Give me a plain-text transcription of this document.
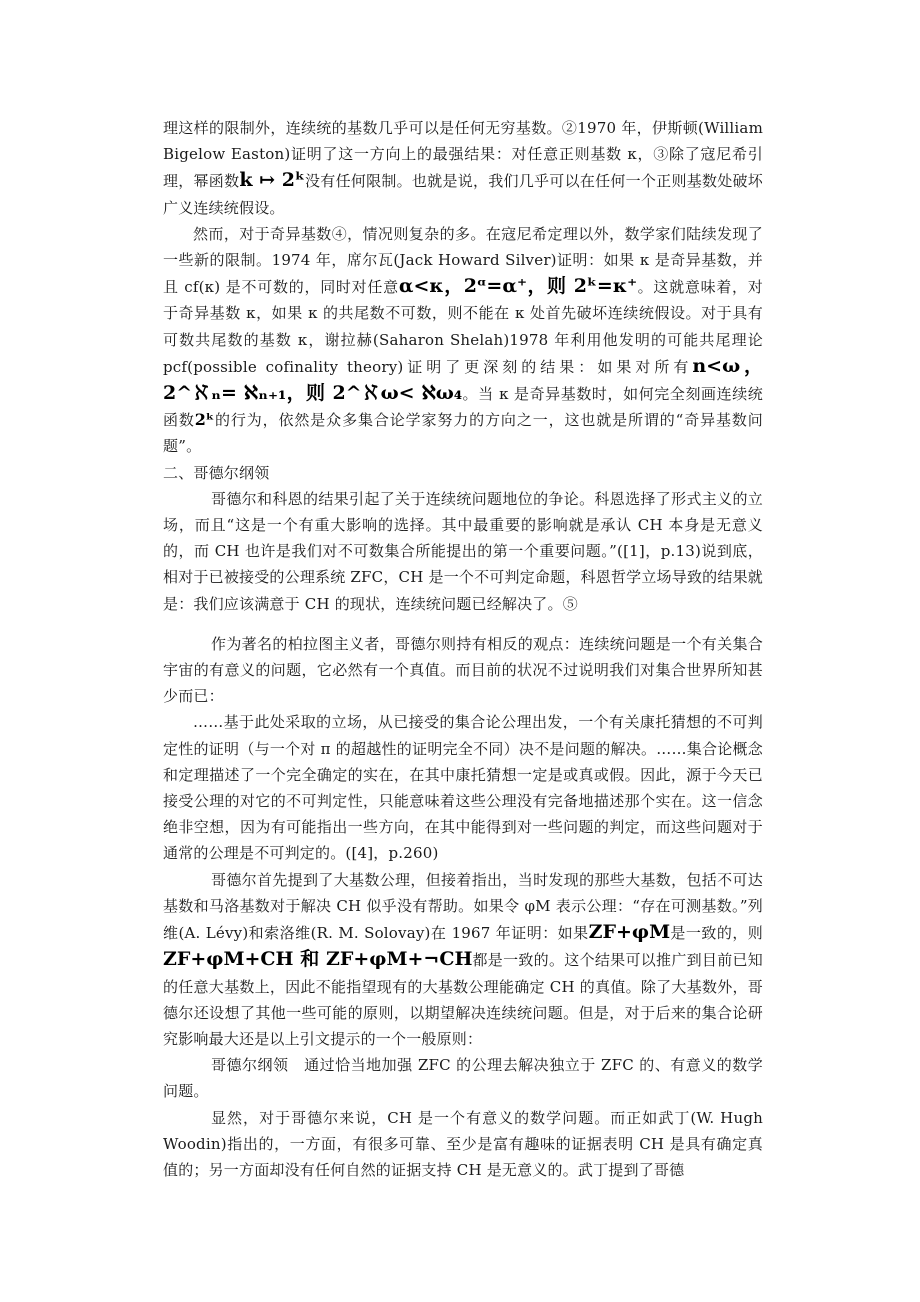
理这样的限制外，连续统的基数几乎可以是任何无穷基数。②1970 年，伊斯顿(William Bigelow Easton)证明了这一方向上的最强结果：对任意正则基数 κ，③除了寇尼希引理，幂函数k ↦ 2ᵏ没有任何限制。也就是说，我们几乎可以在任何一个正则基数处破坏广义连续统假设。

然而，对于奇异基数④，情况则复杂的多。在寇尼希定理以外，数学家们陆续发现了一些新的限制。1974 年，席尔瓦(Jack Howard Silver)证明：如果 κ 是奇异基数，并且 cf(κ) 是不可数的，同时对任意α<κ，2ᵅ=α⁺，则 2ᵏ=κ⁺。这就意味着，对于奇异基数 κ，如果 κ 的共尾数不可数，则不能在 κ 处首先破坏连续统假设。对于具有可数共尾数的基数 κ，谢拉赫(Saharon Shelah)1978 年利用他发明的可能共尾理论 pcf(possible cofinality theory)证明了更深刻的结果：如果对所有n<ω，2^ℵₙ= ℵₙ₊₁，则 2^ℵω< ℵω₄。当 κ 是奇异基数时，如何完全刻画连续统函数2ᵏ的行为，依然是众多集合论学家努力的方向之一，这也就是所谓的“奇异基数问题”。

二、哥德尔纲领

哥德尔和科恩的结果引起了关于连续统问题地位的争论。科恩选择了形式主义的立场，而且“这是一个有重大影响的选择。其中最重要的影响就是承认 CH 本身是无意义的，而 CH 也许是我们对不可数集合所能提出的第一个重要问题。”([1]，p.13)说到底，相对于已被接受的公理系统 ZFC，CH 是一个不可判定命题，科恩哲学立场导致的结果就是：我们应该满意于 CH 的现状，连续统问题已经解决了。⑤

作为著名的柏拉图主义者，哥德尔则持有相反的观点：连续统问题是一个有关集合宇宙的有意义的问题，它必然有一个真值。而目前的状况不过说明我们对集合世界所知甚少而已：

……基于此处采取的立场，从已接受的集合论公理出发，一个有关康托猜想的不可判定性的证明（与一个对 π 的超越性的证明完全不同）决不是问题的解决。……集合论概念和定理描述了一个完全确定的实在，在其中康托猜想一定是或真或假。因此，源于今天已接受公理的对它的不可判定性，只能意味着这些公理没有完备地描述那个实在。这一信念绝非空想，因为有可能指出一些方向，在其中能得到对一些问题的判定，而这些问题对于通常的公理是不可判定的。([4]，p.260)

哥德尔首先提到了大基数公理，但接着指出，当时发现的那些大基数，包括不可达基数和马洛基数对于解决 CH 似乎没有帮助。如果令 φM 表示公理：“存在可测基数。”列维(A. Lévy)和索洛维(R. M. Solovay)在 1967 年证明：如果ZF+φM是一致的，则ZF+φM+CH 和 ZF+φM+¬CH都是一致的。这个结果可以推广到目前已知的任意大基数上，因此不能指望现有的大基数公理能确定 CH 的真值。除了大基数外，哥德尔还设想了其他一些可能的原则，以期望解决连续统问题。但是，对于后来的集合论研究影响最大还是以上引文提示的一个一般原则：

哥德尔纲领　通过恰当地加强 ZFC 的公理去解决独立于 ZFC 的、有意义的数学问题。

显然，对于哥德尔来说，CH 是一个有意义的数学问题。而正如武丁(W. Hugh Woodin)指出的，一方面，有很多可靠、至少是富有趣味的证据表明 CH 是具有确定真值的；另一方面却没有任何自然的证据支持 CH 是无意义的。武丁提到了哥德
